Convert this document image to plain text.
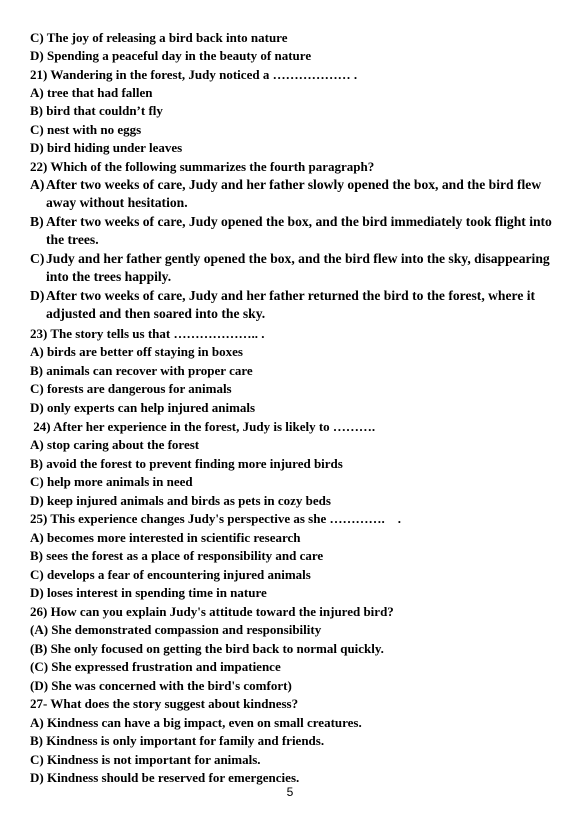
C) The joy of releasing a bird back into nature
D) Spending a peaceful day in the beauty of nature
21) Wandering in the forest, Judy noticed a ……………… .
A) tree that had fallen
B) bird that couldn’t fly
C) nest with no eggs
D) bird hiding under leaves
22) Which of the following summarizes the fourth paragraph?
A) After two weeks of care, Judy and her father slowly opened the box, and the bird flew away without hesitation.
B) After two weeks of care, Judy opened the box, and the bird immediately took flight into the trees.
C) Judy and her father gently opened the box, and the bird flew into the sky, disappearing into the trees happily.
D) After two weeks of care, Judy and her father returned the bird to the forest, where it adjusted and then soared into the sky.
23) The story tells us that ……………….. .
A) birds are better off staying in boxes
B) animals can recover with proper care
C) forests are dangerous for animals
D) only experts can help injured animals
24) After her experience in the forest, Judy is likely to ……….
A) stop caring about the forest
B) avoid the forest to prevent finding more injured birds
C) help more animals in need
D) keep injured animals and birds as pets in cozy beds
25) This experience changes Judy's perspective as she ………….    .
A) becomes more interested in scientific research
B) sees the forest as a place of responsibility and care
C) develops a fear of encountering injured animals
D) loses interest in spending time in nature
26) How can you explain Judy's attitude toward the injured bird?
(A) She demonstrated compassion and responsibility
(B) She only focused on getting the bird back to normal quickly.
(C) She expressed frustration and impatience
(D) She was concerned with the bird's comfort)
27- What does the story suggest about kindness?
A) Kindness can have a big impact, even on small creatures.
B) Kindness is only important for family and friends.
C) Kindness is not important for animals.
D) Kindness should be reserved for emergencies.
5
